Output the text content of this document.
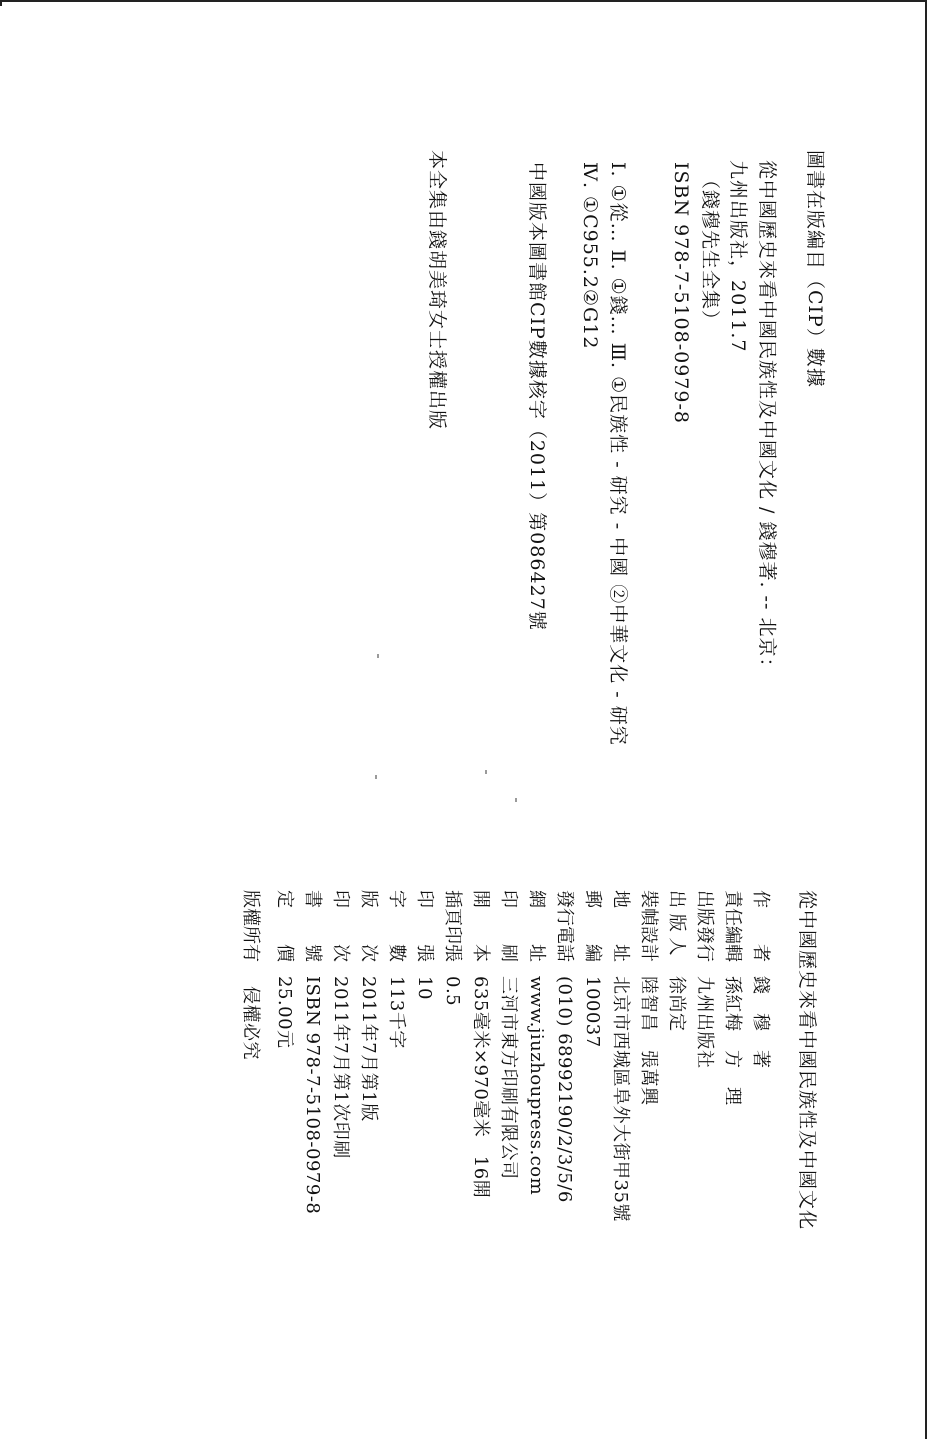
圖書在版編目（CIP）數據
從中國歷史來看中國民族性及中國文化 / 錢穆著. -- 北京：
九州出版社，2011.7
（錢穆先生全集）
ISBN 978-7-5108-0979-8
Ⅰ. ①從… Ⅱ. ①錢… Ⅲ. ①民族性 - 研究 - 中國 ②中華文化 - 研究
Ⅳ. ①C955.2②G12
中國版本圖書館CIP數據核字（2011）第086427號
本全集由錢胡美琦女士授權出版
從中國歷史來看中國民族性及中國文化
作　　者錢　穆　著
責任編輯孫紅梅　方　理
出版發行九州出版社
出 版 人徐尚定
裝幀設計陸智昌　張萬興
地　　址北京市西城區阜外大街甲35號
郵　　編100037
發行電話(010) 68992190/2/3/5/6
網　　址www.jiuzhoupress.com
印　　刷三河市東方印刷有限公司
開　　本635毫米×970毫米　16開
插頁印張0.5
印　　張10
字　　數113千字
版　　次2011年7月第1版
印　　次2011年7月第1次印刷
書　　號ISBN 978-7-5108-0979-8
定　　價25.00元
版權所有侵權必究
